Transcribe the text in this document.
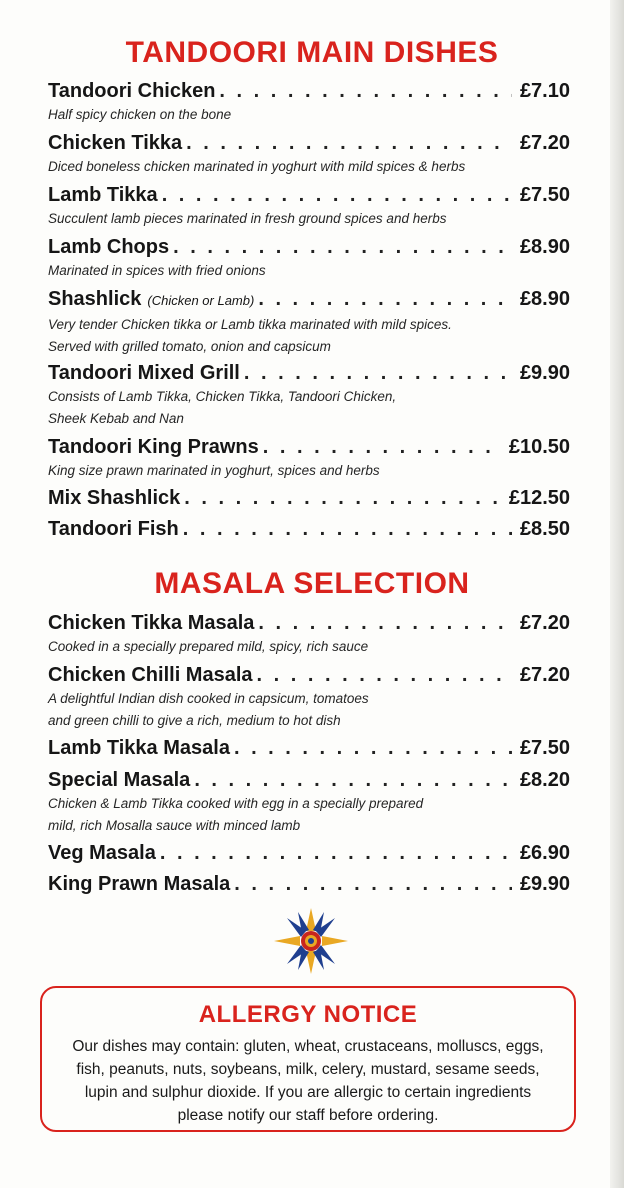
TANDOORI MAIN DISHES
Tandoori Chicken . . .	£7.10
Half spicy chicken on the bone
Chicken Tikka . . .	£7.20
Diced boneless chicken marinated in yoghurt with mild spices & herbs
Lamb Tikka . . .	£7.50
Succulent lamb pieces marinated in fresh ground spices and herbs
Lamb Chops . . .	£8.90
Marinated in spices with fried onions
Shashlick (Chicken or Lamb) . . .	£8.90
Very tender Chicken tikka or Lamb tikka marinated with mild spices.
Served with grilled tomato, onion and capsicum
Tandoori Mixed Grill . . .	£9.90
Consists of Lamb Tikka, Chicken Tikka, Tandoori Chicken,
Sheek Kebab and Nan
Tandoori King Prawns . . .	£10.50
King size prawn marinated in yoghurt, spices and herbs
Mix Shashlick . . .	£12.50
Tandoori Fish . . .	£8.50
MASALA SELECTION
Chicken Tikka Masala . . .	£7.20
Cooked in a specially prepared mild, spicy, rich sauce
Chicken Chilli Masala . . .	£7.20
A delightful Indian dish cooked in capsicum, tomatoes
and green chilli to give a rich, medium to hot dish
Lamb Tikka Masala . . .	£7.50
Special Masala . . .	£8.20
Chicken & Lamb Tikka cooked with egg in a specially prepared
mild, rich Mosalla sauce with minced lamb
Veg Masala . . .	£6.90
King Prawn Masala . . .	£9.90
ALLERGY NOTICE
Our dishes may contain: gluten, wheat, crustaceans, molluscs, eggs,
fish, peanuts, nuts, soybeans, milk, celery, mustard, sesame seeds,
lupin and sulphur dioxide. If you are allergic to certain ingredients
please notify our staff before ordering.
